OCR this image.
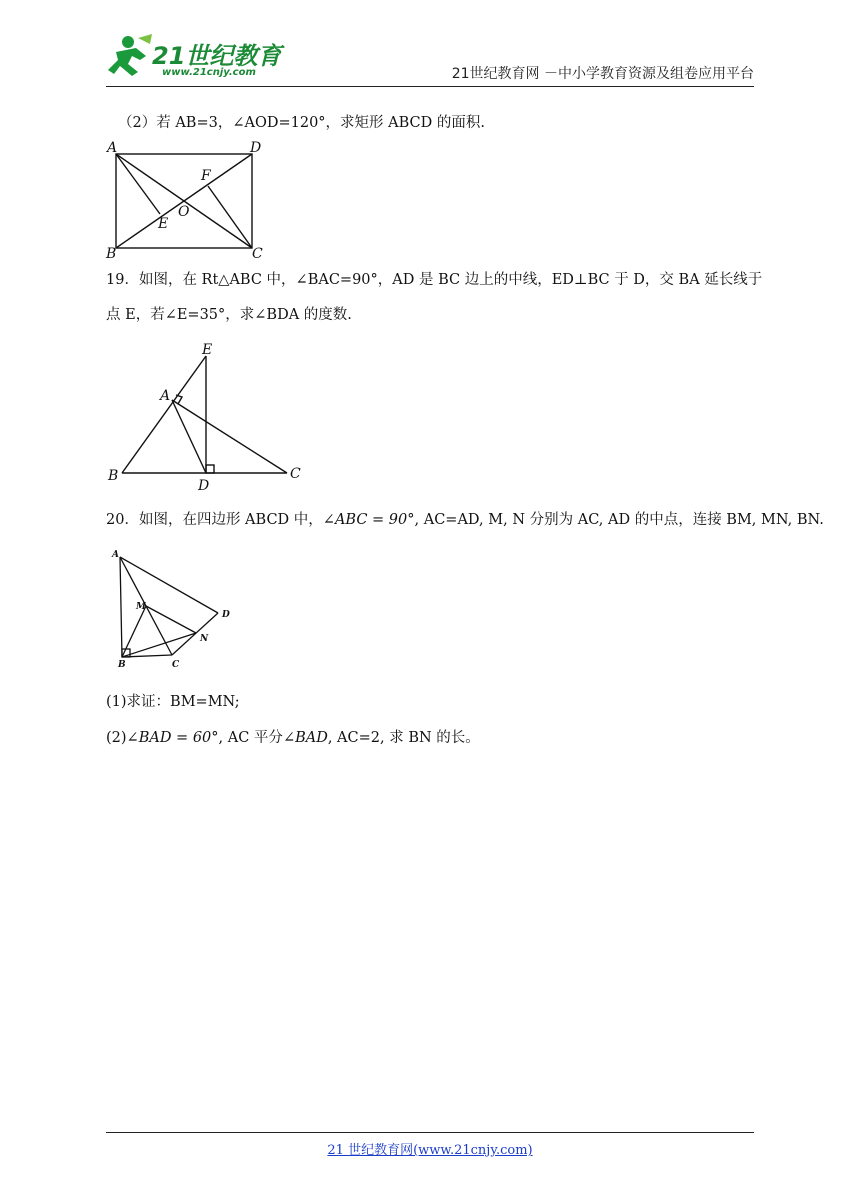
21世纪教育
www.21cnjy.com	21世纪教育网 －中小学教育资源及组卷应用平台
（2）若 AB=3，∠AOD=120°，求矩形 ABCD 的面积.
A	D
F
O
E
B	C
19．如图，在 Rt△ABC 中，∠BAC=90°，AD 是 BC 边上的中线，ED⊥BC 于 D，交 BA 延长线于
点 E，若∠E=35°，求∠BDA 的度数.
E
A
B
D
C
20．如图，在四边形 ABCD 中，∠ABC = 90°, AC=AD, M, N 分别为 AC, AD 的中点，连接 BM, MN, BN.
A
M
D
N
B	C
(1)求证：BM=MN;
(2)∠BAD = 60°, AC 平分∠BAD, AC=2, 求 BN 的长。
21 世纪教育网(www.21cnjy.com)
